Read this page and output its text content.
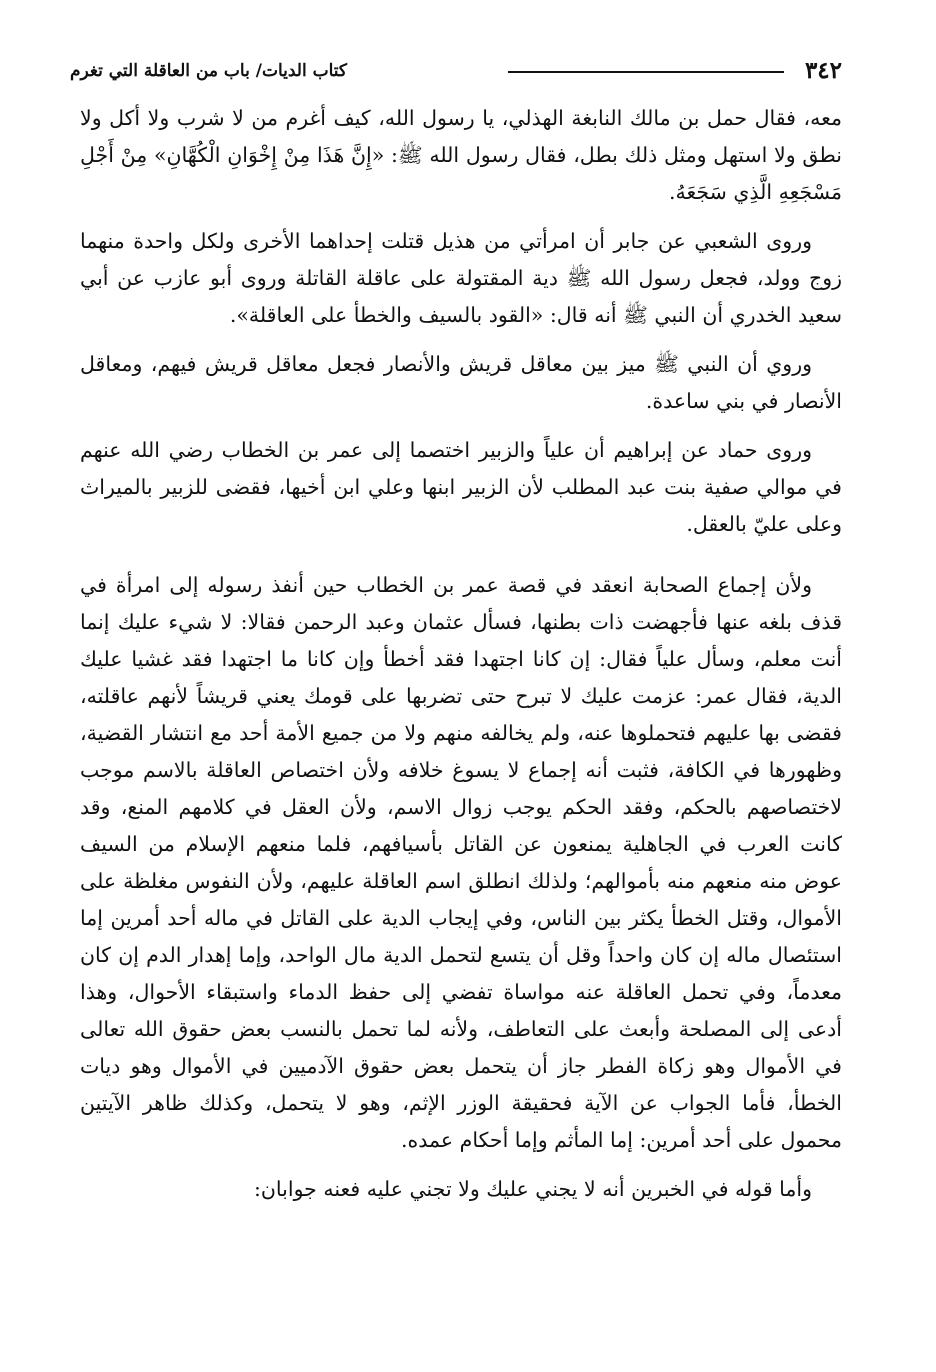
٣٤٢
كتاب الديات/ باب من العاقلة التي تغرم

معه، فقال حمل بن مالك النابغة الهذلي، يا رسول الله، كيف أغرم من لا شرب ولا أكل ولا نطق ولا استهل ومثل ذلك بطل، فقال رسول الله ﷺ: «إِنَّ هَذَا مِنْ إِخْوَانِ الْكُهَّانِ» مِنْ أَجْلِ مَسْجَعِهِ الَّذِي سَجَعَهُ.

وروى الشعبي عن جابر أن امرأتي من هذيل قتلت إحداهما الأخرى ولكل واحدة منهما زوج وولد، فجعل رسول الله ﷺ دية المقتولة على عاقلة القاتلة وروى أبو عازب عن أبي سعيد الخدري أن النبي ﷺ أنه قال: «القود بالسيف والخطأ على العاقلة».

وروي أن النبي ﷺ ميز بين معاقل قريش والأنصار فجعل معاقل قريش فيهم، ومعاقل الأنصار في بني ساعدة.

وروى حماد عن إبراهيم أن علياً والزبير اختصما إلى عمر بن الخطاب رضي الله عنهم في موالي صفية بنت عبد المطلب لأن الزبير ابنها وعلي ابن أخيها، فقضى للزبير بالميراث وعلى عليّ بالعقل.

ولأن إجماع الصحابة انعقد في قصة عمر بن الخطاب حين أنفذ رسوله إلى امرأة في قذف بلغه عنها فأجهضت ذات بطنها، فسأل عثمان وعبد الرحمن فقالا: لا شيء عليك إنما أنت معلم، وسأل علياً فقال: إن كانا اجتهدا فقد أخطأ وإن كانا ما اجتهدا فقد غشيا عليك الدية، فقال عمر: عزمت عليك لا تبرح حتى تضربها على قومك يعني قريشاً لأنهم عاقلته، فقضى بها عليهم فتحملوها عنه، ولم يخالفه منهم ولا من جميع الأمة أحد مع انتشار القضية، وظهورها في الكافة، فثبت أنه إجماع لا يسوغ خلافه ولأن اختصاص العاقلة بالاسم موجب لاختصاصهم بالحكم، وفقد الحكم يوجب زوال الاسم، ولأن العقل في كلامهم المنع، وقد كانت العرب في الجاهلية يمنعون عن القاتل بأسيافهم، فلما منعهم الإسلام من السيف عوض منه منعهم منه بأموالهم؛ ولذلك انطلق اسم العاقلة عليهم، ولأن النفوس مغلظة على الأموال، وقتل الخطأ يكثر بين الناس، وفي إيجاب الدية على القاتل في ماله أحد أمرين إما استئصال ماله إن كان واحداً وقل أن يتسع لتحمل الدية مال الواحد، وإما إهدار الدم إن كان معدماً، وفي تحمل العاقلة عنه مواساة تفضي إلى حفظ الدماء واستبقاء الأحوال، وهذا أدعى إلى المصلحة وأبعث على التعاطف، ولأنه لما تحمل بالنسب بعض حقوق الله تعالى في الأموال وهو زكاة الفطر جاز أن يتحمل بعض حقوق الآدميين في الأموال وهو ديات الخطأ، فأما الجواب عن الآية فحقيقة الوزر الإثم، وهو لا يتحمل، وكذلك ظاهر الآيتين محمول على أحد أمرين: إما المأثم وإما أحكام عمده.

وأما قوله في الخبرين أنه لا يجني عليك ولا تجني عليه فعنه جوابان:
